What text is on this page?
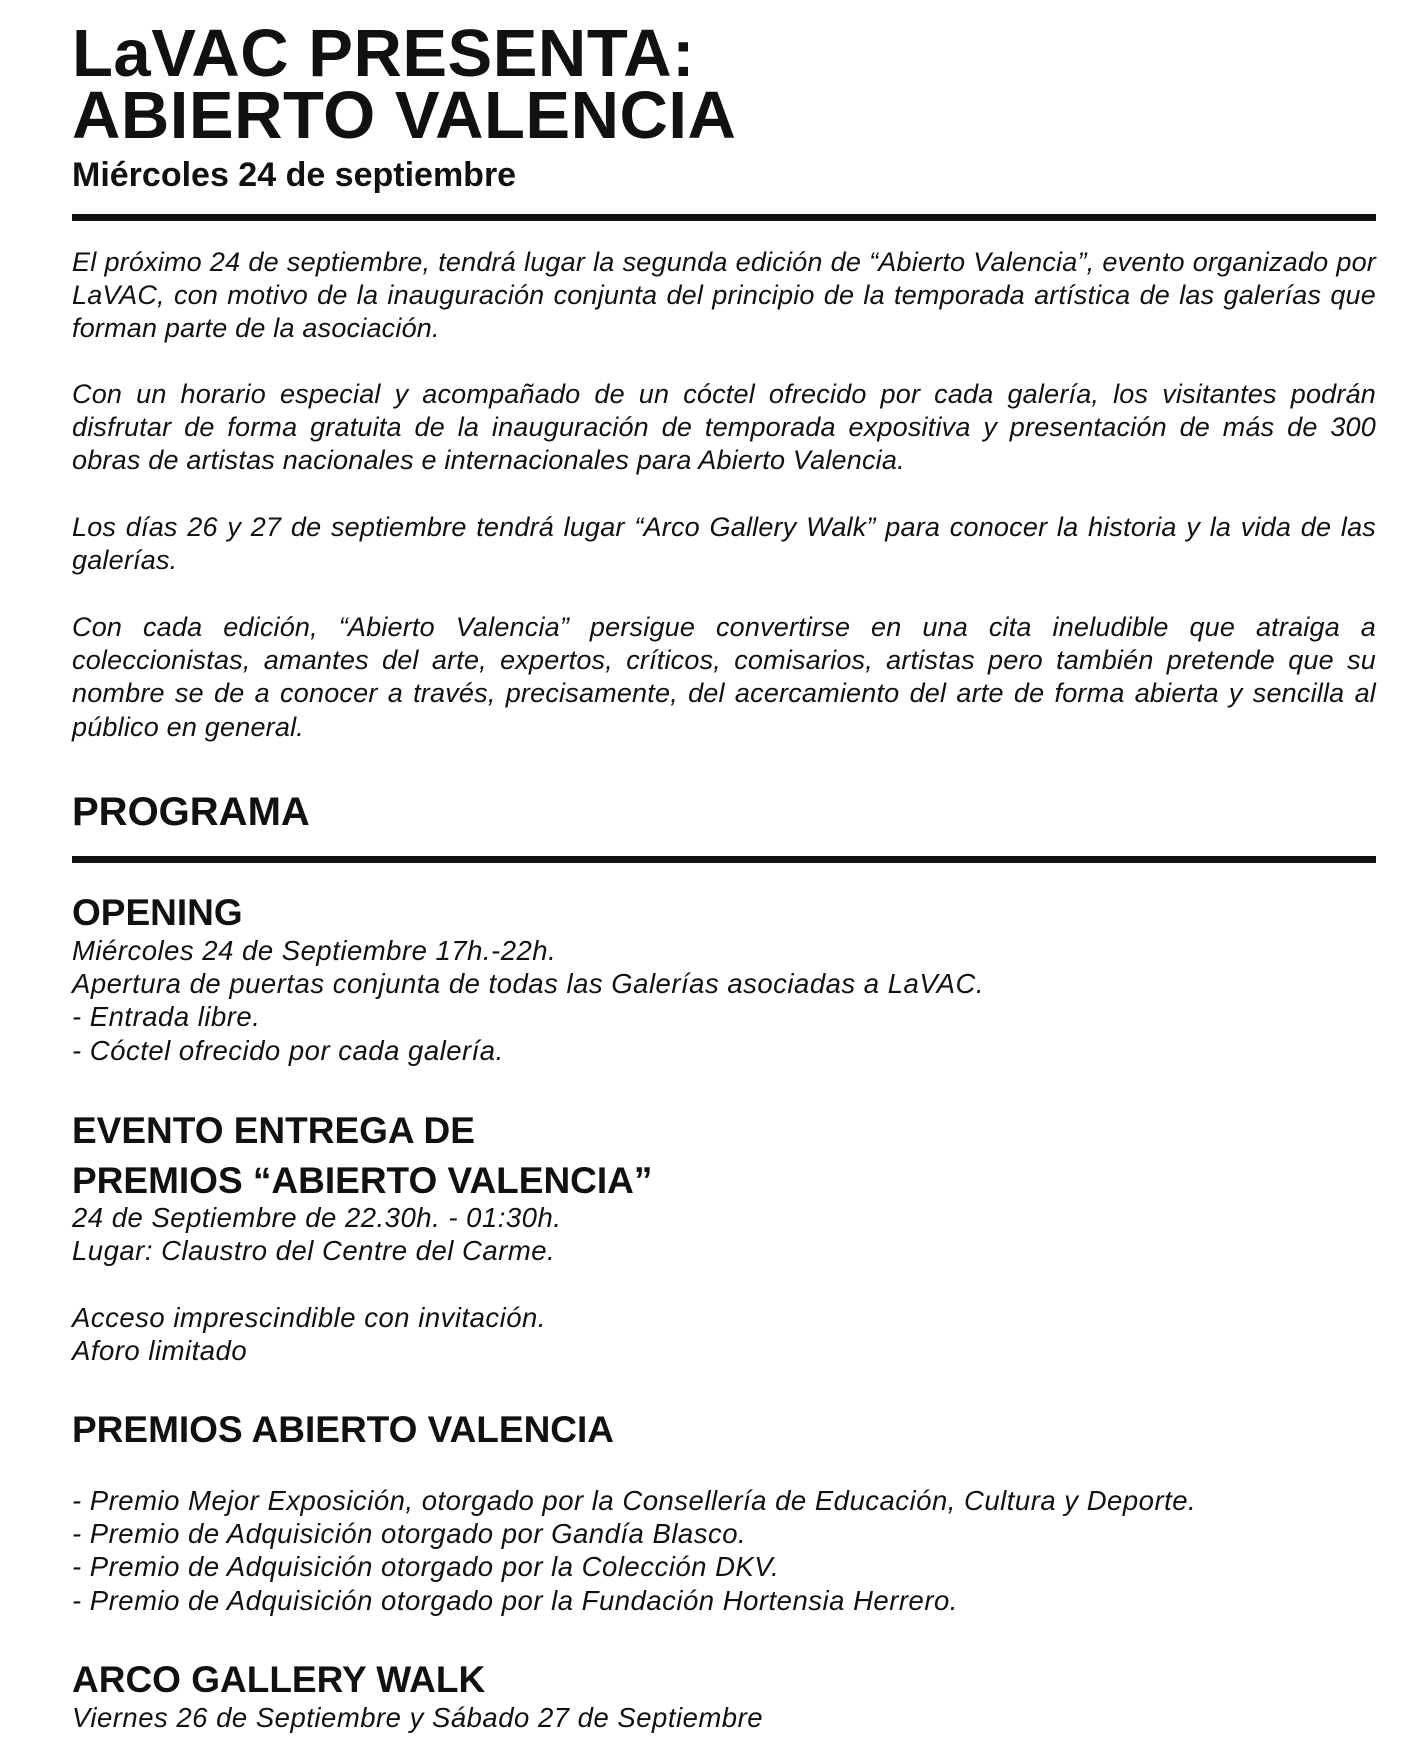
LaVAC PRESENTA:
ABIERTO VALENCIA
Miércoles 24 de septiembre

El próximo 24 de septiembre, tendrá lugar la segunda edición de “Abierto Valencia”, evento organizado por LaVAC, con motivo de la inauguración conjunta del principio de la temporada artística de las galerías que forman parte de la asociación.

Con un horario especial y acompañado de un cóctel ofrecido por cada galería, los visitantes podrán disfrutar de forma gratuita de la inauguración de temporada expositiva y presentación de más de 300 obras de artistas nacionales e internacionales para Abierto Valencia.

Los días 26 y 27 de septiembre tendrá lugar “Arco Gallery Walk” para conocer la historia y la vida de las galerías.

Con cada edición, “Abierto Valencia” persigue convertirse en una cita ineludible que atraiga a coleccionistas, amantes del arte, expertos, críticos, comisarios, artistas pero también pretende que su nombre se de a conocer a través, precisamente, del acercamiento del arte de forma abierta y sencilla al público en general.

PROGRAMA
OPENING
Miércoles 24 de Septiembre 17h.-22h.
Apertura de puertas conjunta de todas las Galerías asociadas a LaVAC.
- Entrada libre.
- Cóctel ofrecido por cada galería.
EVENTO ENTREGA DE
PREMIOS “ABIERTO VALENCIA”
24 de Septiembre de 22.30h. - 01:30h.
Lugar: Claustro del Centre del Carme.
Acceso imprescindible con invitación.
Aforo limitado
PREMIOS ABIERTO VALENCIA
- Premio Mejor Exposición, otorgado por la Consellería de Educación, Cultura y Deporte.
- Premio de Adquisición otorgado por Gandía Blasco.
- Premio de Adquisición otorgado por la Colección DKV.
- Premio de Adquisición otorgado por la Fundación Hortensia Herrero.
ARCO GALLERY WALK
Viernes 26 de Septiembre y Sábado 27 de Septiembre
